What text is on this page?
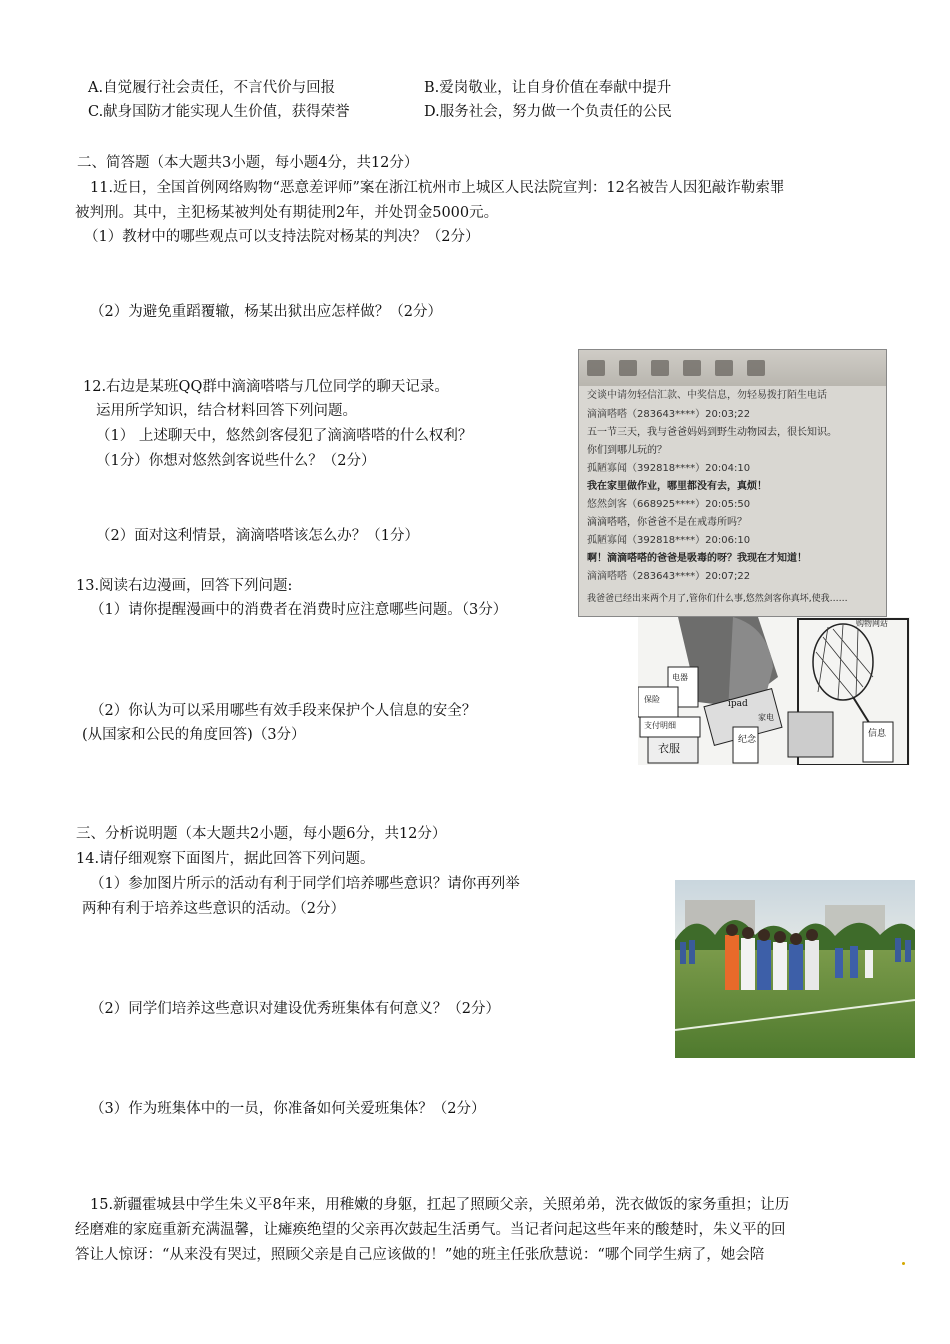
A.自觉履行社会责任，不言代价与回报	B.爱岗敬业，让自身价值在奉献中提升
C.献身国防才能实现人生价值，获得荣誉	D.服务社会，努力做一个负责任的公民
二、简答题（本大题共3小题，每小题4分，共12分）
11.近日，全国首例网络购物“恶意差评师”案在浙江杭州市上城区人民法院宣判：12名被告人因犯敲诈勒索罪
被判刑。其中，主犯杨某被判处有期徒刑2年，并处罚金5000元。
（1）教材中的哪些观点可以支持法院对杨某的判决？（2分）
（2）为避免重蹈覆辙，杨某出狱出应怎样做？（2分）
12.右边是某班QQ群中滴滴嗒嗒与几位同学的聊天记录。
运用所学知识，结合材料回答下列问题。
（1） 上述聊天中，悠然剑客侵犯了滴滴嗒嗒的什么权利？
（1分）你想对悠然剑客说些什么？（2分）
（2）面对这利情景，滴滴嗒嗒该怎么办？（1分）
13.阅读右边漫画，回答下列问题:
（1）请你提醒漫画中的消费者在消费时应注意哪些问题。（3分）
（2）你认为可以采用哪些有效手段来保护个人信息的安全？
(从国家和公民的角度回答)（3分）
交谈中请勿轻信汇款、中奖信息，勿轻易拨打陌生电话
滴滴嗒嗒（283643****）20:03;22
五一节三天，我与爸爸妈妈到野生动物园去，很长知识。
你们到哪儿玩的？
孤陋寡闻（392818****）20:04:10
我在家里做作业，哪里都没有去，真烦！
悠然剑客（668925****）20:05:50
滴滴嗒嗒，你爸爸不是在戒毒所吗？
孤陋寡闻（392818****）20:06:10
啊！滴滴嗒嗒的爸爸是吸毒的呀？我现在才知道！
滴滴嗒嗒（283643****）20:07;22
我爸爸已经出来两个月了,管你们什么事,悠然剑客你真坏,使我……
购物网站
ipad
电器
家电
保险
支付明细
衣服
信息
纪念
三、分析说明题（本大题共2小题，每小题6分，共12分）
14.请仔细观察下面图片，据此回答下列问题。
（1）参加图片所示的活动有利于同学们培养哪些意识？请你再列举
两种有利于培养这些意识的活动。（2分）
（2）同学们培养这些意识对建设优秀班集体有何意义？（2分）
（3）作为班集体中的一员，你准备如何关爱班集体？（2分）
15.新疆霍城县中学生朱义平8年来，用稚嫩的身躯，扛起了照顾父亲，关照弟弟，洗衣做饭的家务重担；让历
经磨难的家庭重新充满温馨，让瘫痪绝望的父亲再次鼓起生活勇气。当记者问起这些年来的酸楚时，朱义平的回
答让人惊讶：“从来没有哭过，照顾父亲是自己应该做的！”她的班主任张欣慧说：“哪个同学生病了，她会陪
